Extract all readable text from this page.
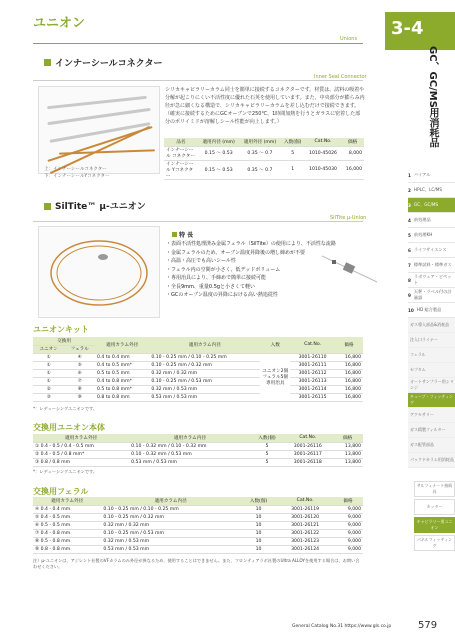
ユニオン
Unions	3-4
GC、GC/MS用消耗品
1 バイアル
2 HPLC、LC/MS
3 GC、GC/MS
4 前処理品
5 前処理KH
6 ライフサイエンス
7 標準試料・標準ガス
8
ラボウェア・ピペット
9
天秤・ラベル付の計量器
10 HD 総合製品
ガス導入部品&消耗品
注入口ライナー
フェラル
セプタム
オートサンプラー用シリンジ
チューブ・フィッティング
アクセサリー
ガス精製フィルター
ガス配管部品
パックドカラム用消耗品
サルフィナート接続具
カッター
キャピラリー用ユニオン
パネルフィッティング
インナーシールコネクター
Inner Seal Connector
上：インナーシールコネクター
下：インナーシールYコネクター
シリカキャピラリーカラム同士を簡単に接続するコネクターです。材質は、試料の吸着や分解が起こりにくい不活性度に優れた石英を使用しています。また、中央部分が膨らみ内径が急に細くなる構造で、シリカキャピラリーカラムを差し込むだけで接続できます。（確実に接続するためにGCオーブンで250℃、1時間加熱を行うとガラスに密着した部分のポリイミドが溶解しシール性能が向上します。）
品名	適用内径 (mm)	適用外径 (mm)	入数(個)	Cat.No.	価格
インナーシール コネクター	0.15 ～ 0.53	0.35 ～ 0.7	5	1010-45026	8,000
インナーシール Yコネクター	0.15 ～ 0.53	0.35 ～ 0.7	1	1010-45030	16,000
SilTite™ μ-ユニオン
SilTite μ-Union
特 長
・表面不活性処理済み金属フェラル（SilTite）の使用により、不活性な流路
・金属フェラルのため、オーブン温度昇降後の増し締めが不要
・高温・高圧でも高いシール性
・フェラル内の空間が小さく、低デッドボリューム
・専用治具により、手締めで簡単に接続可能
・全長9mm、重量0.5gと小さくて軽い
・GCのオーブン温度の昇降における高い熱追従性
ユニオンキット
交換用		適用カラム外径	適用カラム内径	入数	Cat.No.	価格
ユニオン	フェラル					
①	④	0.4 to 0.4 mm	0.10 - 0.25 mm / 0.10 - 0.25 mm	ユニオン2個 フェラル5個 専用治具	3001-26110	16,800
①	⑤	0.4 to 0.5 mm*	0.10 - 0.25 mm / 0.32 mm		3001-26111	16,800
①	⑥	0.5 to 0.5 mm	0.32 mm / 0.32 mm		3001-26112	16,800
①	⑦	0.4 to 0.8 mm*	0.10 - 0.25 mm / 0.53 mm		3001-26113	16,800
②	⑧	0.5 to 0.8 mm*	0.32 mm / 0.53 mm		3001-26114	16,800
③	⑨	0.8 to 0.8 mm	0.53 mm / 0.53 mm		3001-26115	16,800
*：レデューシングユニオンです。
交換用ユニオン本体
適用カラム外径	適用カラム内径	入数(個)	Cat.No.	価格
① 0.4 - 0.5 / 0.4 - 0.5 mm	0.10 - 0.32 mm / 0.10 - 0.32 mm	5	3001-26116	13,800
② 0.4 - 0.5 / 0.8 mm*	0.10 - 0.32 mm / 0.53 mm	5	3001-26117	13,800
③ 0.8 / 0.8 mm	0.53 mm / 0.53 mm	5	3001-26118	13,800
*：レデューシングユニオンです。
交換用フェラル
適用カラム外径	適用カラム内径	入数(個)	Cat.No.	価格
④ 0.4 - 0.4 mm	0.10 - 0.25 mm / 0.10 - 0.25 mm	10	3001-26119	9,000
⑤ 0.4 - 0.5 mm	0.10 - 0.25 mm / 0.32 mm	10	3001-26120	9,000
⑥ 0.5 - 0.5 mm	0.32 mm / 0.32 mm	10	3001-26121	9,000
⑦ 0.4 - 0.8 mm	0.10 - 0.25 mm / 0.53 mm	10	3001-26122	9,000
⑧ 0.5 - 0.8 mm	0.32 mm / 0.53 mm	10	3001-26123	9,000
⑨ 0.8 - 0.8 mm	0.53 mm / 0.53 mm	10	3001-26124	9,000
注）μ-ユニオンは、アジレント社製のVFカラムのみ外径が異なるため、使用することはできません。また、フロンティアラボ社製のUltra ALLOYを使用する場合は、お問い合わせください。
General Catalog No.31 https://www.gls.co.jp	579
